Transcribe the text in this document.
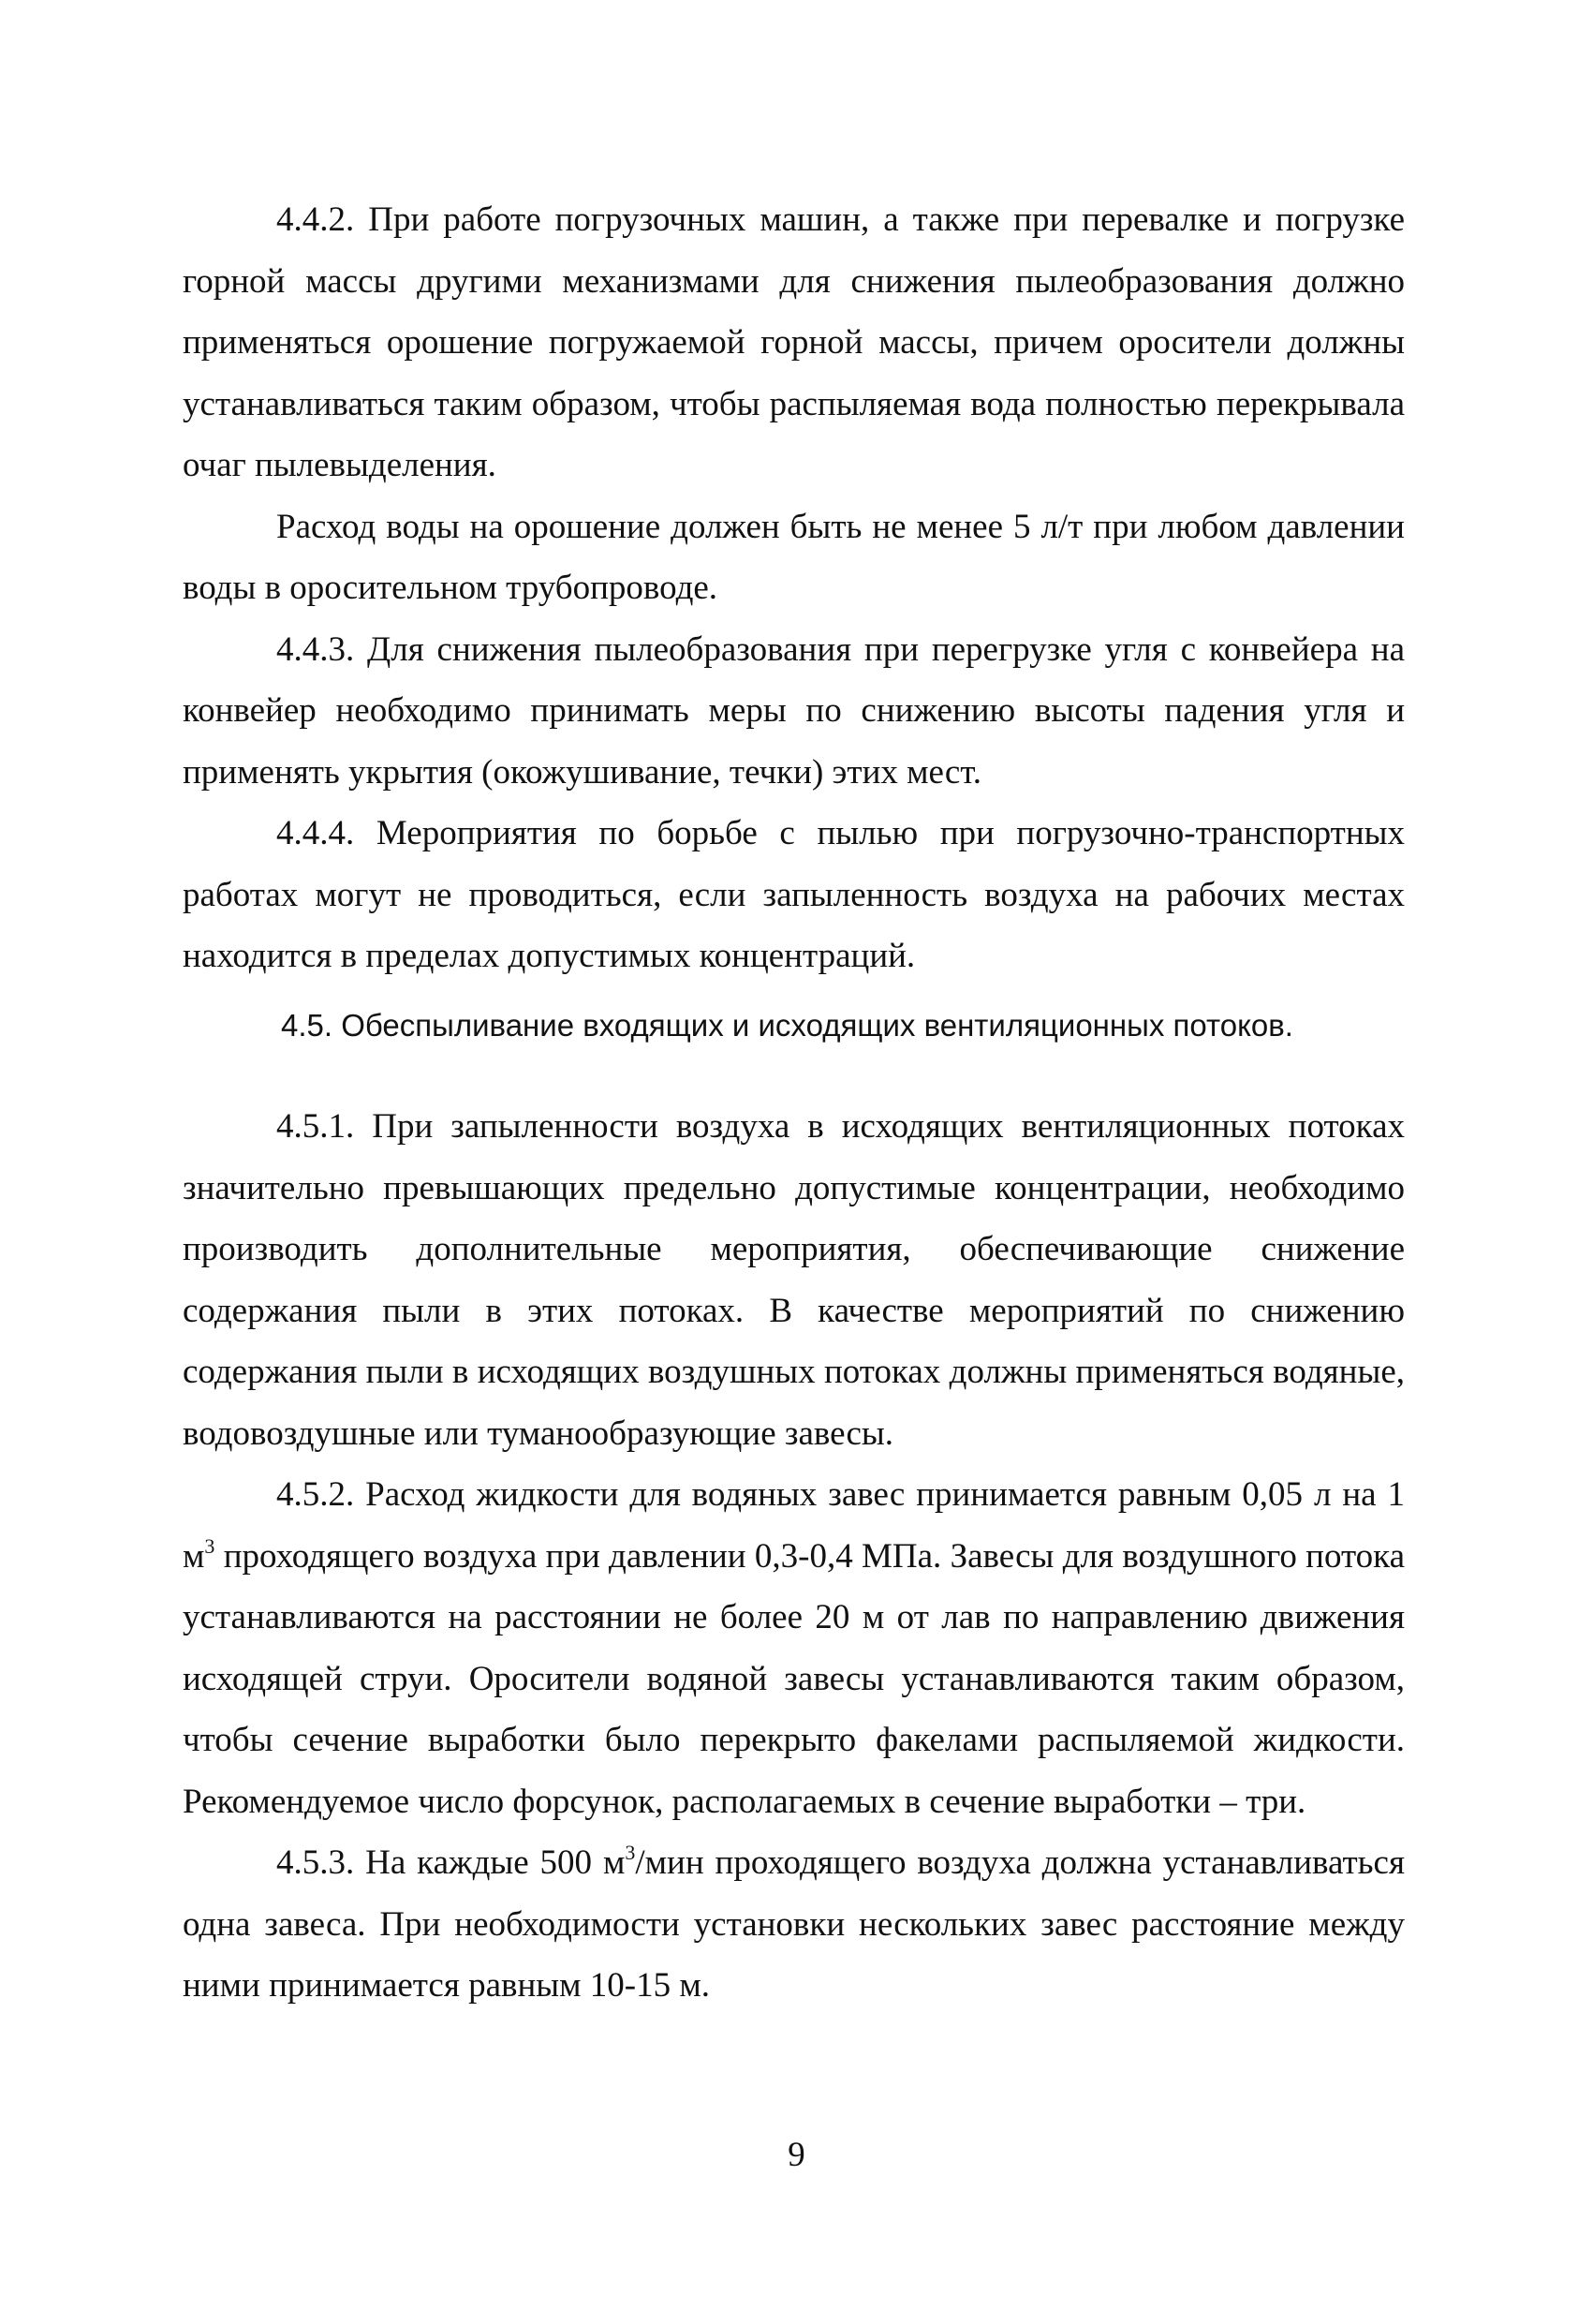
4.4.2. При работе погрузочных машин, а также при перевалке и погрузке горной массы другими механизмами для снижения пылеобразования должно применяться орошение погружаемой горной массы, причем оросители должны устанавливаться таким образом, чтобы распыляемая вода полностью перекрывала очаг пылевыделения.

Расход воды на орошение должен быть не менее 5 л/т при любом давлении воды в оросительном трубопроводе.

4.4.3. Для снижения пылеобразования при перегрузке угля с конвейера на конвейер необходимо принимать меры по снижению высоты падения угля и применять укрытия (окожушивание, течки) этих мест.

4.4.4. Мероприятия по борьбе с пылью при погрузочно-транспортных работах могут не проводиться, если запыленность воздуха на рабочих местах находится в пределах допустимых концентраций.

4.5. Обеспыливание входящих и исходящих вентиляционных потоков.

4.5.1. При запыленности воздуха в исходящих вентиляционных потоках значительно превышающих предельно допустимые концентрации, необходимо производить дополнительные мероприятия, обеспечивающие снижение содержания пыли в этих потоках. В качестве мероприятий по снижению содержания пыли в исходящих воздушных потоках должны применяться водяные, водовоздушные или туманообразующие завесы.

4.5.2. Расход жидкости для водяных завес принимается равным 0,05 л на 1 $м^3$ проходящего воздуха при давлении 0,3-0,4 МПа. Завесы для воздушного потока устанавливаются на расстоянии не более 20 м от лав по направлению движения исходящей струи. Оросители водяной завесы устанавливаются таким образом, чтобы сечение выработки было перекрыто факелами распыляемой жидкости. Рекомендуемое число форсунок, располагаемых в сечение выработки – три.

4.5.3. На каждые 500 $м^3$/мин проходящего воздуха должна устанавливаться одна завеса. При необходимости установки нескольких завес расстояние между ними принимается равным 10-15 м.

9
